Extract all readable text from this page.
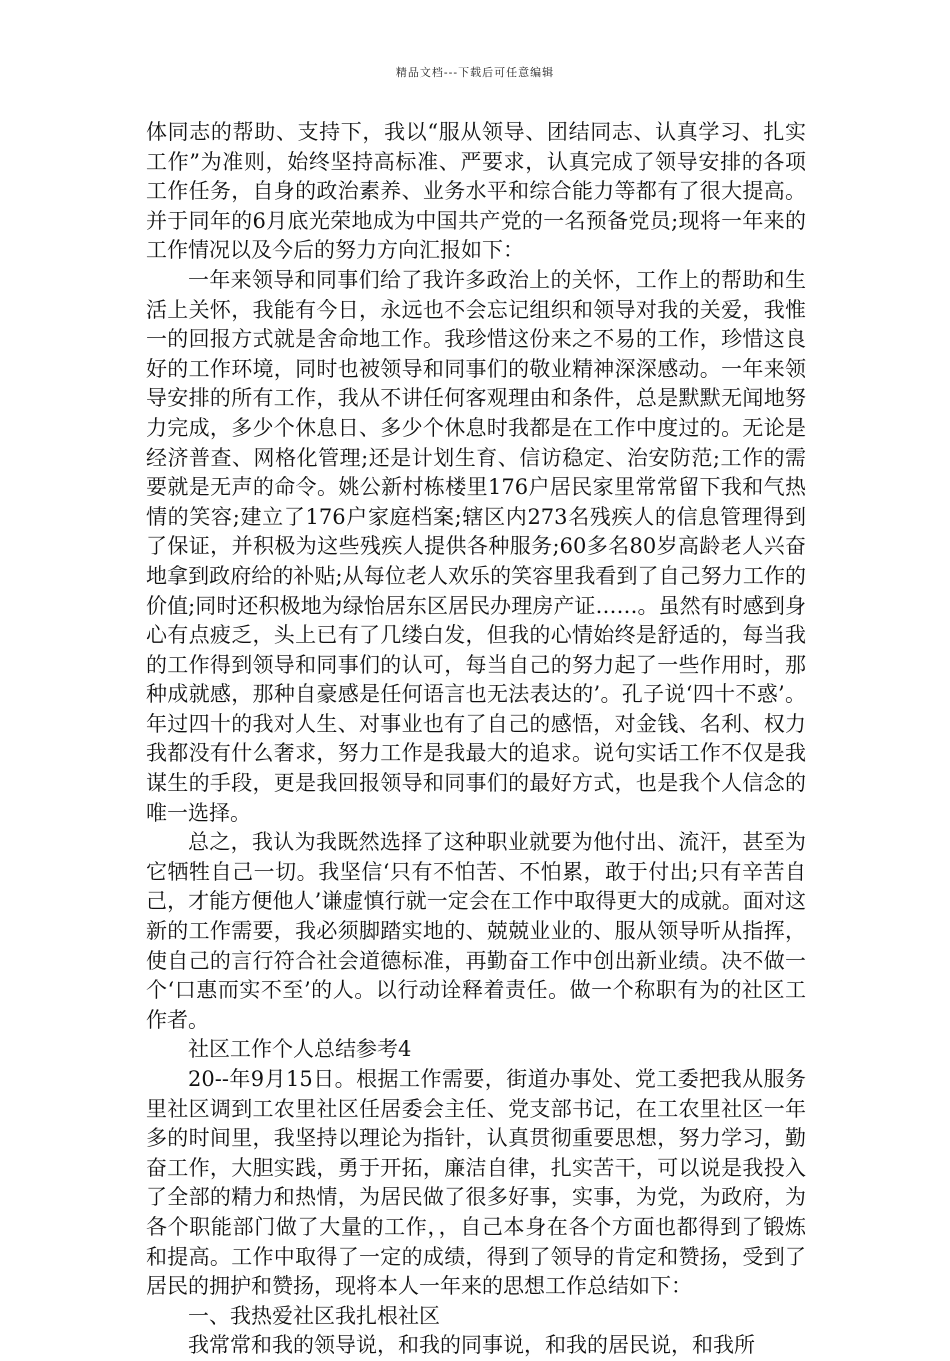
精品文档---下载后可任意编辑

体同志的帮助、支持下，我以“服从领导、团结同志、认真学习、扎实工作”为准则，始终坚持高标准、严要求，认真完成了领导安排的各项工作任务，自身的政治素养、业务水平和综合能力等都有了很大提高。并于同年的6月底光荣地成为中国共产党的一名预备党员;现将一年来的工作情况以及今后的努力方向汇报如下：

一年来领导和同事们给了我许多政治上的关怀，工作上的帮助和生活上关怀，我能有今日，永远也不会忘记组织和领导对我的关爱，我惟一的回报方式就是舍命地工作。我珍惜这份来之不易的工作，珍惜这良好的工作环境，同时也被领导和同事们的敬业精神深深感动。一年来领导安排的所有工作，我从不讲任何客观理由和条件，总是默默无闻地努力完成，多少个休息日、多少个休息时我都是在工作中度过的。无论是经济普查、网格化管理;还是计划生育、信访稳定、治安防范;工作的需要就是无声的命令。姚公新村栋楼里176户居民家里常常留下我和气热情的笑容;建立了176户家庭档案;辖区内273名残疾人的信息管理得到了保证，并积极为这些残疾人提供各种服务;60多名80岁高龄老人兴奋地拿到政府给的补贴;从每位老人欢乐的笑容里我看到了自己努力工作的价值;同时还积极地为绿怡居东区居民办理房产证……。虽然有时感到身心有点疲乏，头上已有了几缕白发，但我的心情始终是舒适的，每当我的工作得到领导和同事们的认可，每当自己的努力起了一些作用时，那种成就感，那种自豪感是任何语言也无法表达的’。孔子说‘四十不惑’。年过四十的我对人生、对事业也有了自己的感悟，对金钱、名利、权力我都没有什么奢求，努力工作是我最大的追求。说句实话工作不仅是我谋生的手段，更是我回报领导和同事们的最好方式，也是我个人信念的唯一选择。

总之，我认为我既然选择了这种职业就要为他付出、流汗，甚至为它牺牲自己一切。我坚信‘只有不怕苦、不怕累，敢于付出;只有辛苦自己，才能方便他人’谦虚慎行就一定会在工作中取得更大的成就。面对这新的工作需要，我必须脚踏实地的、兢兢业业的、服从领导听从指挥，使自己的言行符合社会道德标准，再勤奋工作中创出新业绩。决不做一个‘口惠而实不至’的人。以行动诠释着责任。做一个称职有为的社区工作者。

社区工作个人总结参考4

20--年9月15日。根据工作需要，街道办事处、党工委把我从服务里社区调到工农里社区任居委会主任、党支部书记，在工农里社区一年多的时间里，我坚持以理论为指针，认真贯彻重要思想，努力学习，勤奋工作，大胆实践，勇于开拓，廉洁自律，扎实苦干，可以说是我投入了全部的精力和热情，为居民做了很多好事，实事，为党，为政府，为各个职能部门做了大量的工作，，自己本身在各个方面也都得到了锻炼和提高。工作中取得了一定的成绩，得到了领导的肯定和赞扬，受到了居民的拥护和赞扬，现将本人一年来的思想工作总结如下：

一、我热爱社区我扎根社区

我常常和我的领导说，和我的同事说，和我的居民说，和我所
